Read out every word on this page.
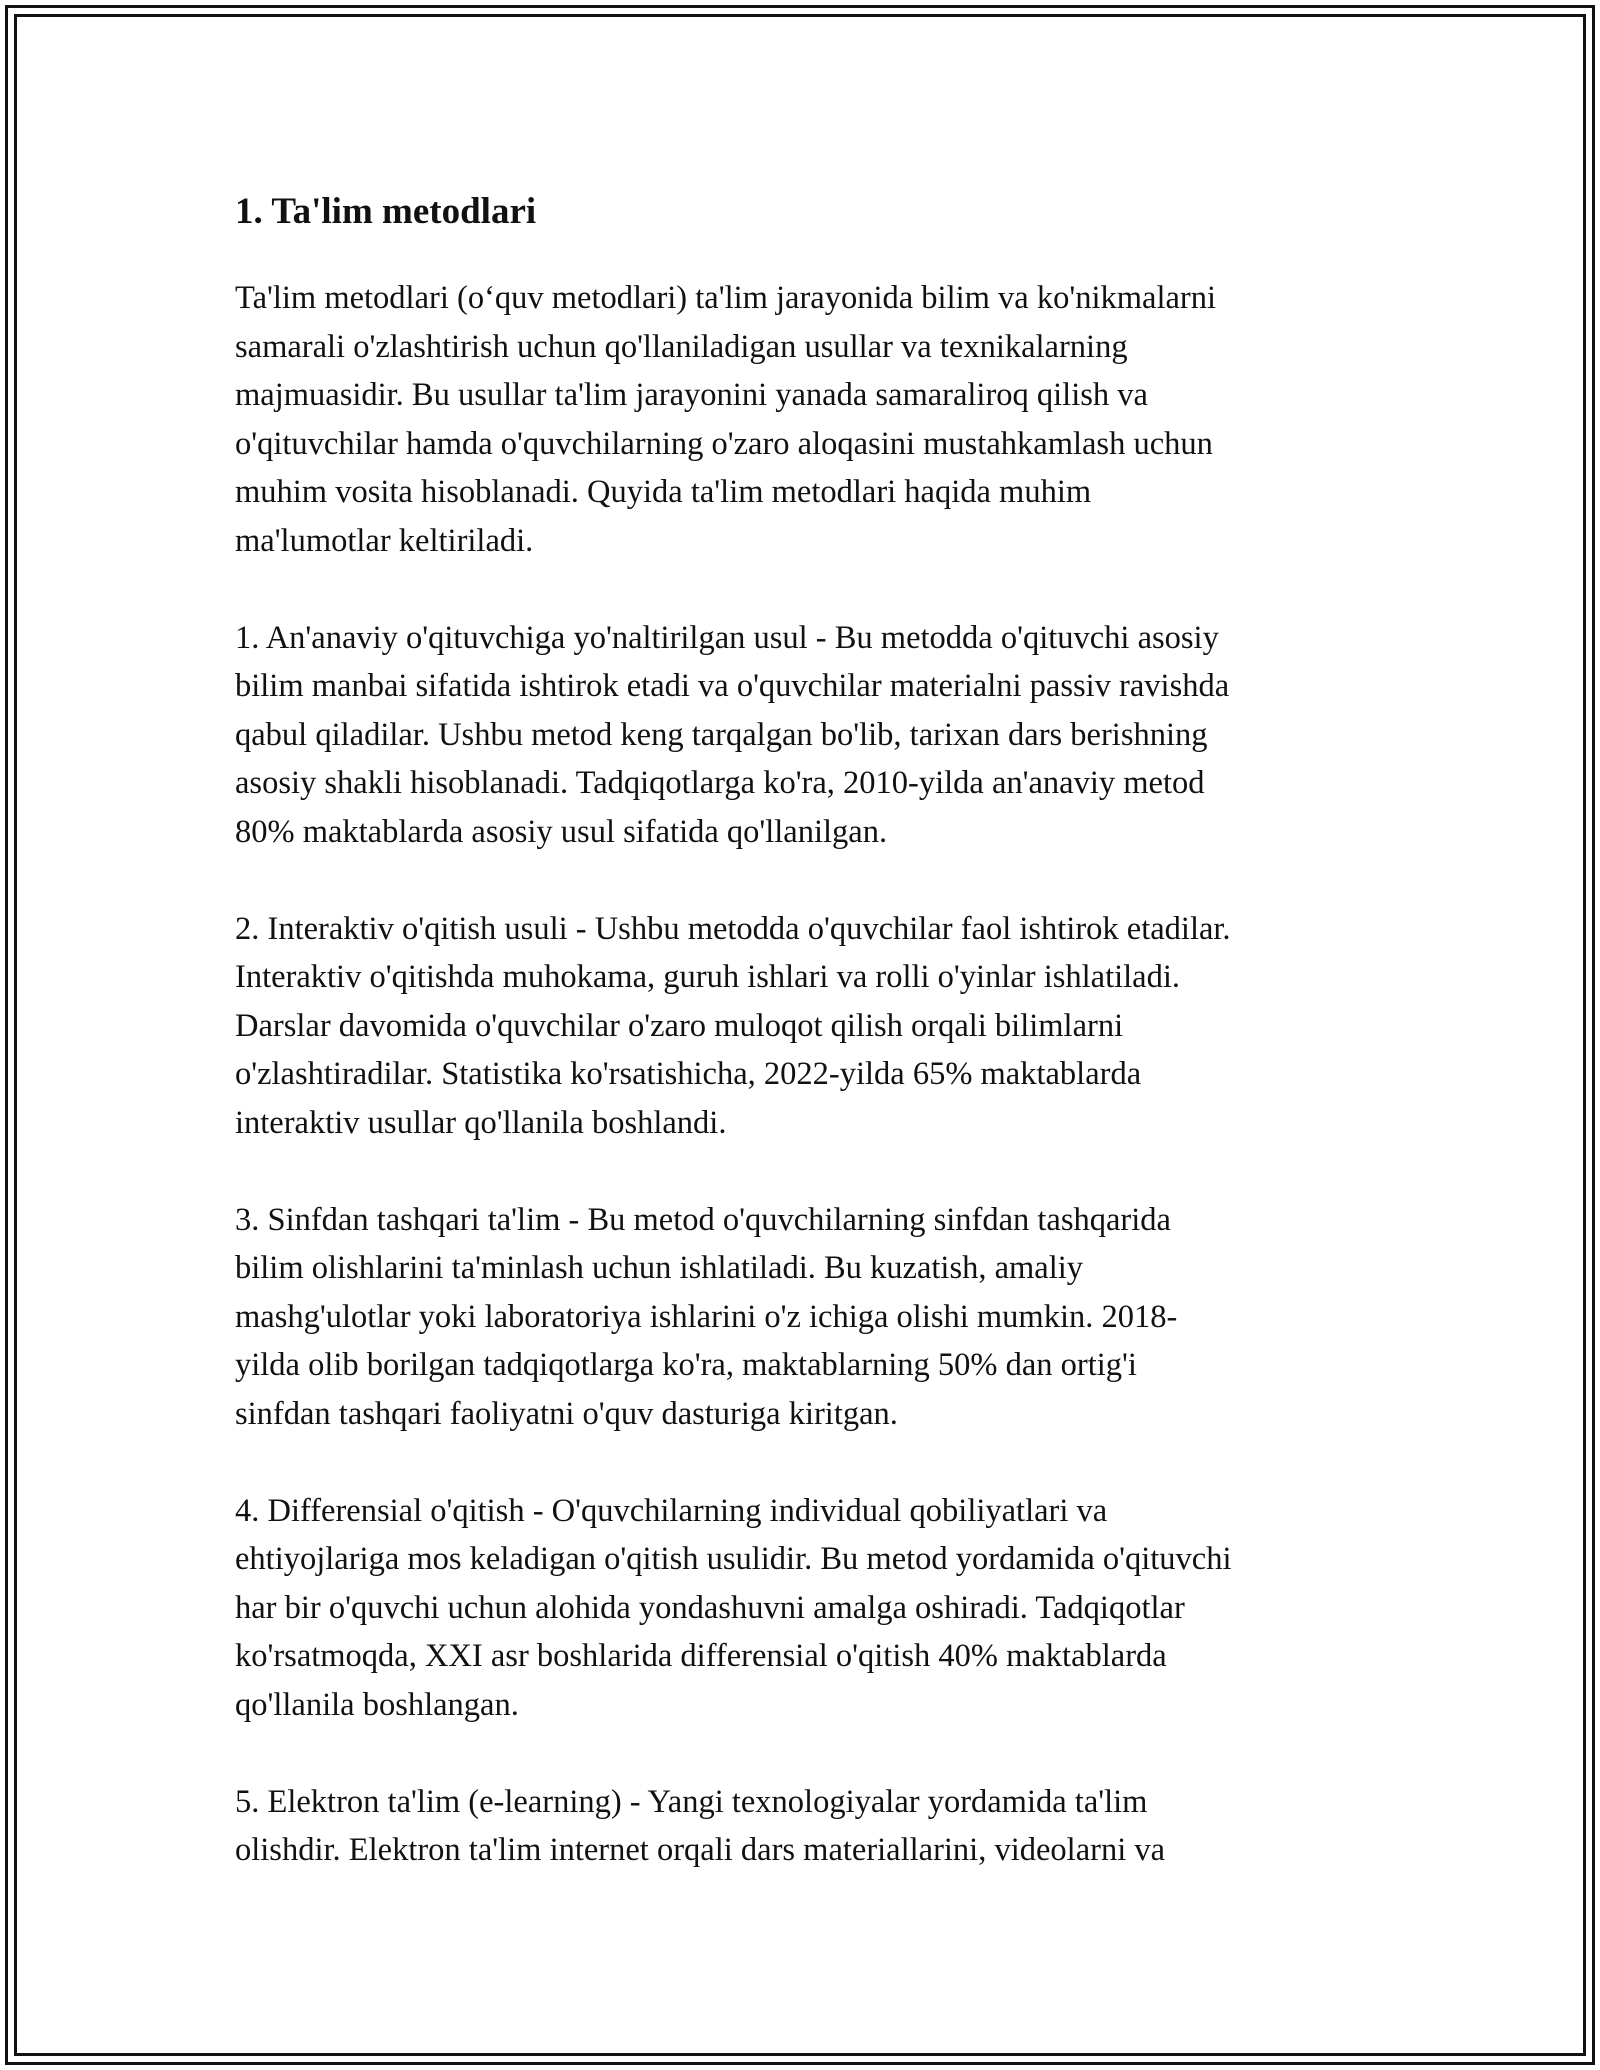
1. Ta'lim metodlari

Ta'lim metodlari (o‘quv metodlari) ta'lim jarayonida bilim va ko'nikmalarni
samarali o'zlashtirish uchun qo'llaniladigan usullar va texnikalarning
majmuasidir. Bu usullar ta'lim jarayonini yanada samaraliroq qilish va
o'qituvchilar hamda o'quvchilarning o'zaro aloqasini mustahkamlash uchun
muhim vosita hisoblanadi. Quyida ta'lim metodlari haqida muhim
ma'lumotlar keltiriladi.

1. An'anaviy o'qituvchiga yo'naltirilgan usul - Bu metodda o'qituvchi asosiy
bilim manbai sifatida ishtirok etadi va o'quvchilar materialni passiv ravishda
qabul qiladilar. Ushbu metod keng tarqalgan bo'lib, tarixan dars berishning
asosiy shakli hisoblanadi. Tadqiqotlarga ko'ra, 2010-yilda an'anaviy metod
80% maktablarda asosiy usul sifatida qo'llanilgan.

2. Interaktiv o'qitish usuli - Ushbu metodda o'quvchilar faol ishtirok etadilar.
Interaktiv o'qitishda muhokama, guruh ishlari va rolli o'yinlar ishlatiladi.
Darslar davomida o'quvchilar o'zaro muloqot qilish orqali bilimlarni
o'zlashtiradilar. Statistika ko'rsatishicha, 2022-yilda 65% maktablarda
interaktiv usullar qo'llanila boshlandi.

3. Sinfdan tashqari ta'lim - Bu metod o'quvchilarning sinfdan tashqarida
bilim olishlarini ta'minlash uchun ishlatiladi. Bu kuzatish, amaliy
mashg'ulotlar yoki laboratoriya ishlarini o'z ichiga olishi mumkin. 2018-
yilda olib borilgan tadqiqotlarga ko'ra, maktablarning 50% dan ortig'i
sinfdan tashqari faoliyatni o'quv dasturiga kiritgan.

4. Differensial o'qitish - O'quvchilarning individual qobiliyatlari va
ehtiyojlariga mos keladigan o'qitish usulidir. Bu metod yordamida o'qituvchi
har bir o'quvchi uchun alohida yondashuvni amalga oshiradi. Tadqiqotlar
ko'rsatmoqda, XXI asr boshlarida differensial o'qitish 40% maktablarda
qo'llanila boshlangan.

5. Elektron ta'lim (e-learning) - Yangi texnologiyalar yordamida ta'lim
olishdir. Elektron ta'lim internet orqali dars materiallarini, videolarni va
